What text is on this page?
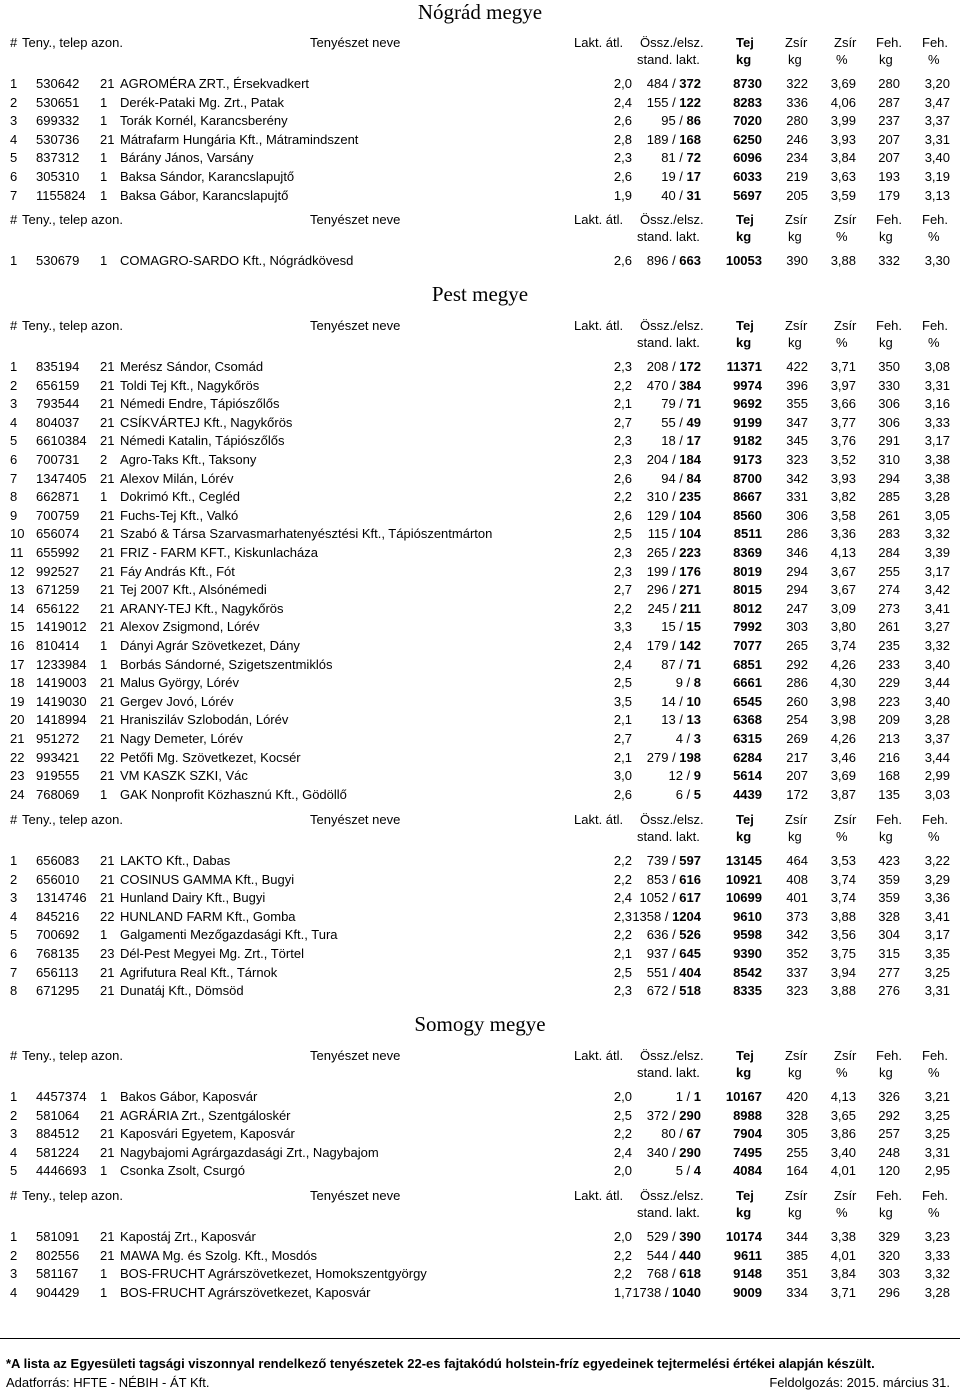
Nógrád megye
# Teny., telep azon.	Tenyészet neve	Lakt. átl. Össz./elsz. Tej Zsír Zsír Feh. Feh.
stand. lakt.	kg	kg	% kg	%
1 530642 21 AGROMÉRA ZRT., Érsekvadkert	2,0 484 / 372 8730 322 3,69 280 3,20
2 530651 1 Derék-Pataki Mg. Zrt., Patak	2,4 155 / 122 8283 336 4,06 287 3,47
3 699332 1 Torák Kornél, Karancsberény	2,6 95 / 86 7020 280 3,99 237 3,37
4 530736 21 Mátrafarm Hungária Kft., Mátramindszent	2,8 189 / 168 6250 246 3,93 207 3,31
5 837312 1 Bárány János, Varsány	2,3 81 / 72 6096 234 3,84 207 3,40
6 305310 1 Baksa Sándor, Karancslapujtő	2,6 19 / 17 6033 219 3,63 193 3,19
7 1155824 1 Baksa Gábor, Karancslapujtő	1,9 40 / 31 5697 205 3,59 179 3,13
# Teny., telep azon.	Tenyészet neve	Lakt. átl. Össz./elsz. Tej Zsír Zsír Feh. Feh.
stand. lakt.	kg	kg	% kg	%
1 530679 1 COMAGRO-SARDO Kft., Nógrádkövesd	2,6 896 / 663 10053 390 3,88 332 3,30
Pest megye
# Teny., telep azon.	Tenyészet neve	Lakt. átl. Össz./elsz. Tej Zsír Zsír Feh. Feh.
stand. lakt.	kg	kg	% kg	%
1 835194 21 Merész Sándor, Csomád	2,3 208 / 172 11371 422 3,71 350 3,08
2 656159 21 Toldi Tej Kft., Nagykőrös	2,2 470 / 384 9974 396 3,97 330 3,31
3 793544 21 Némedi Endre, Tápiószőlős	2,1 79 / 71 9692 355 3,66 306 3,16
4 804037 21 CSÍKVÁRTEJ Kft., Nagykőrös	2,7 55 / 49 9199 347 3,77 306 3,33
5 6610384 21 Némedi Katalin, Tápiószőlős	2,3 18 / 17 9182 345 3,76 291 3,17
6 700731 2 Agro-Taks Kft., Taksony	2,3 204 / 184 9173 323 3,52 310 3,38
7 1347405 21 Alexov Milán, Lórév	2,6 94 / 84 8700 342 3,93 294 3,38
8 662871 1 Dokrimó Kft., Cegléd	2,2 310 / 235 8667 331 3,82 285 3,28
9 700759 21 Fuchs-Tej Kft., Valkó	2,6 129 / 104 8560 306 3,58 261 3,05
10 656074 21 Szabó & Társa Szarvasmarhatenyésztési Kft., Tápiószentmárton	2,5 115 / 104	8511 286 3,36 283 3,32
11 655992 21 FRIZ - FARM KFT., Kiskunlacháza	2,3 265 / 223 8369 346 4,13 284 3,39
12 992527 21 Fáy András Kft., Fót	2,3 199 / 176 8019 294 3,67 255 3,17
13 671259 21 Tej 2007 Kft., Alsónémedi	2,7 296 / 271 8015 294 3,67 274 3,42
14 656122 21 ARANY-TEJ Kft., Nagykőrös	2,2 245 / 211 8012 247 3,09 273 3,41
15 1419012 21 Alexov Zsigmond, Lórév	3,3 15 / 15 7992 303 3,80 261 3,27
16 810414 1 Dányi Agrár Szövetkezet, Dány	2,4 179 / 142 7077 265 3,74 235 3,32
17 1233984 1 Borbás Sándorné, Szigetszentmiklós	2,4 87 / 71 6851 292 4,26 233 3,40
18 1419003 21 Malus György, Lórév	2,5	9 / 8 6661 286 4,30 229 3,44
19 1419030 21 Gergev Jovó, Lórév	3,5 14 / 10 6545 260 3,98 223 3,40
20 1418994 21 Hranisziláv Szlobodán, Lórév	2,1 13 / 13 6368 254 3,98 209 3,28
21 951272 21 Nagy Demeter, Lórév	2,7	4 / 3 6315 269 4,26 213 3,37
22 993421 22 Petőfi Mg. Szövetkezet, Kocsér	2,1 279 / 198 6284 217 3,46 216 3,44
23 919555 21 VM KASZK SZKI, Vác	3,0	12 / 9 5614 207 3,69 168 2,99
24 768069 1 GAK Nonprofit Közhasznú Kft., Gödöllő	2,6	6 / 5 4439 172 3,87 135 3,03
# Teny., telep azon.	Tenyészet neve	Lakt. átl. Össz./elsz. Tej Zsír Zsír Feh. Feh.
stand. lakt.	kg	kg	% kg	%
1 656083 21 LAKTO Kft., Dabas	2,2 739 / 597 13145 464 3,53 423 3,22
2 656010 21 COSINUS GAMMA Kft., Bugyi	2,2 853 / 616 10921 408 3,74 359 3,29
3 1314746 21 Hunland Dairy Kft., Bugyi	2,4 1052 / 617 10699 401 3,74 359 3,36
4 845216 22 HUNLAND FARM Kft., Gomba	2,3 1358 / 1204 9610 373 3,88 328 3,41
5 700692 1 Galgamenti Mezőgazdasági Kft., Tura	2,2 636 / 526 9598 342 3,56 304 3,17
6 768135 23 Dél-Pest Megyei Mg. Zrt., Törtel	2,1 937 / 645 9390 352 3,75 315 3,35
7 656113 21 Agrifutura Real Kft., Tárnok	2,5 551 / 404 8542 337 3,94 277 3,25
8 671295 21 Dunatáj Kft., Dömsöd	2,3 672 / 518 8335 323 3,88 276 3,31
Somogy megye
# Teny., telep azon.	Tenyészet neve	Lakt. átl. Össz./elsz. Tej Zsír Zsír Feh. Feh.
stand. lakt.	kg	kg	% kg	%
1 4457374 1 Bakos Gábor, Kaposvár	2,0	1 / 1 10167 420 4,13 326 3,21
2 581064 21 AGRÁRIA Zrt., Szentgáloskér	2,5 372 / 290 8988 328 3,65 292 3,25
3 884512 21 Kaposvári Egyetem, Kaposvár	2,2 80 / 67 7904 305 3,86 257 3,25
4 581224 21 Nagybajomi Agrárgazdasági Zrt., Nagybajom	2,4 340 / 290 7495 255 3,40 248 3,31
5 4446693 1 Csonka Zsolt, Csurgó	2,0	5 / 4 4084 164 4,01 120 2,95
# Teny., telep azon.	Tenyészet neve	Lakt. átl. Össz./elsz. Tej Zsír Zsír Feh. Feh.
stand. lakt.	kg	kg	% kg	%
1 581091 21 Kapostáj Zrt., Kaposvár	2,0 529 / 390 10174 344 3,38 329 3,23
2 802556 21 MAWA Mg. és Szolg. Kft., Mosdós	2,2 544 / 440	9611 385 4,01 320 3,33
3 581167 1 BOS-FRUCHT Agrárszövetkezet, Homokszentgyörgy	2,2 768 / 618 9148 351 3,84 303 3,32
4 904429 1 BOS-FRUCHT Agrárszövetkezet, Kaposvár	1,7 1738 / 1040 9009 334 3,71 296 3,28
*A lista az Egyesületi tagsági viszonnyal rendelkező tenyészetek 22-es fajtakódú holstein-fríz egyedeinek tejtermelési értékei alapján készült.
Adatforrás: HFTE - NÉBIH - ÁT Kft.	Feldolgozás: 2015. március 31.
